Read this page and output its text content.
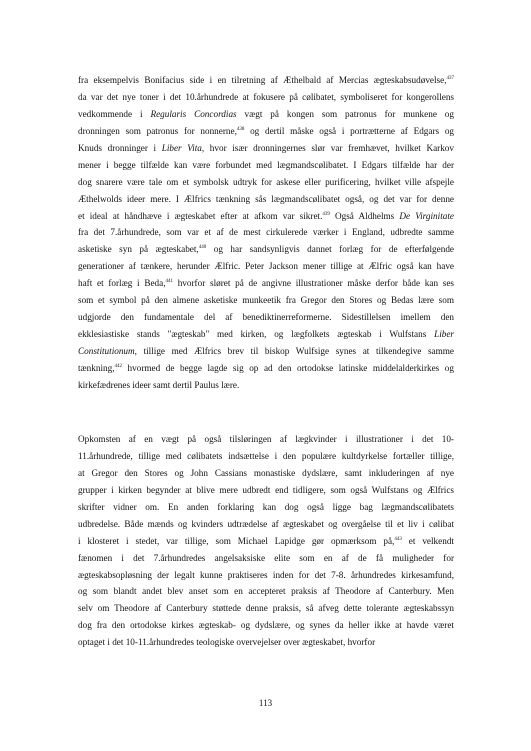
fra eksempelvis Bonifacius side i en tilretning af Æthelbald af Mercias ægteskabsudøvelse,$^{437}$
da var det nye toner i det 10.århundrede at fokusere på cølibatet, symboliseret for kongerollens
vedkommende i Regularis Concordias vægt på kongen som patronus for munkene og
dronningen som patronus for nonnerne,$^{438}$ og dertil måske også i portrætterne af Edgars og
Knuds dronninger i Liber Vita, hvor især dronningernes slør var fremhævet, hvilket Karkov
mener i begge tilfælde kan være forbundet med lægmandscølibatet. I Edgars tilfælde har der
dog snarere være tale om et symbolsk udtryk for askese eller purificering, hvilket ville afspejle
Æthelwolds ideer mere. I Ælfrics tænkning sås lægmandscølibatet også, og det var for denne
et ideal at håndhæve i ægteskabet efter at afkom var sikret.$^{439}$ Også Aldhelms De Virginitate
fra det 7.århundrede, som var et af de mest cirkulerede værker i England, udbredte samme
asketiske syn på ægteskabet,$^{440}$ og har sandsynligvis dannet forlæg for de efterfølgende
generationer af tænkere, herunder Ælfric. Peter Jackson mener tillige at Ælfric også kan have
haft et forlæg i Beda,$^{441}$ hvorfor sløret på de angivne illustrationer måske derfor både kan ses
som et symbol på den almene asketiske munkeetik fra Gregor den Stores og Bedas lære som
udgjorde den fundamentale del af benediktinerreformerne. Sidestillelsen imellem den
ekklesiastiske stands "ægteskab" med kirken, og lægfolkets ægteskab i Wulfstans Liber
Constitutionum, tillige med Ælfrics brev til biskop Wulfsige synes at tilkendegive samme
tænkning,$^{442}$ hvormed de begge lagde sig op ad den ortodokse latinske middelalderkirkes og
kirkefædrenes ideer samt dertil Paulus lære.
Opkomsten af en vægt på også tilsløringen af lægkvinder i illustrationer i det 10-
11.århundrede, tillige med cølibatets indsættelse i den populære kultdyrkelse fortæller tillige,
at Gregor den Stores og John Cassians monastiske dydslære, samt inkluderingen af nye
grupper i kirken begynder at blive mere udbredt end tidligere, som også Wulfstans og Ælfrics
skrifter vidner om. En anden forklaring kan dog også ligge bag lægmandscølibatets
udbredelse. Både mænds og kvinders udtrædelse af ægteskabet og overgåelse til et liv i cølibat
i klosteret i stedet, var tillige, som Michael Lapidge gør opmærksom på,$^{443}$ et velkendt
fænomen i det 7.århundredes angelsaksiske elite som en af de få muligheder for
ægteskabsopløsning der legalt kunne praktiseres inden for det 7-8. århundredes kirkesamfund,
og som blandt andet blev anset som en accepteret praksis af Theodore af Canterbury. Men
selv om Theodore af Canterbury støttede denne praksis, så afveg dette tolerante ægteskabssyn
dog fra den ortodokse kirkes ægteskab- og dydslære, og synes da heller ikke at havde været
optaget i det 10-11.århundredes teologiske overvejelser over ægteskabet, hvorfor
113
